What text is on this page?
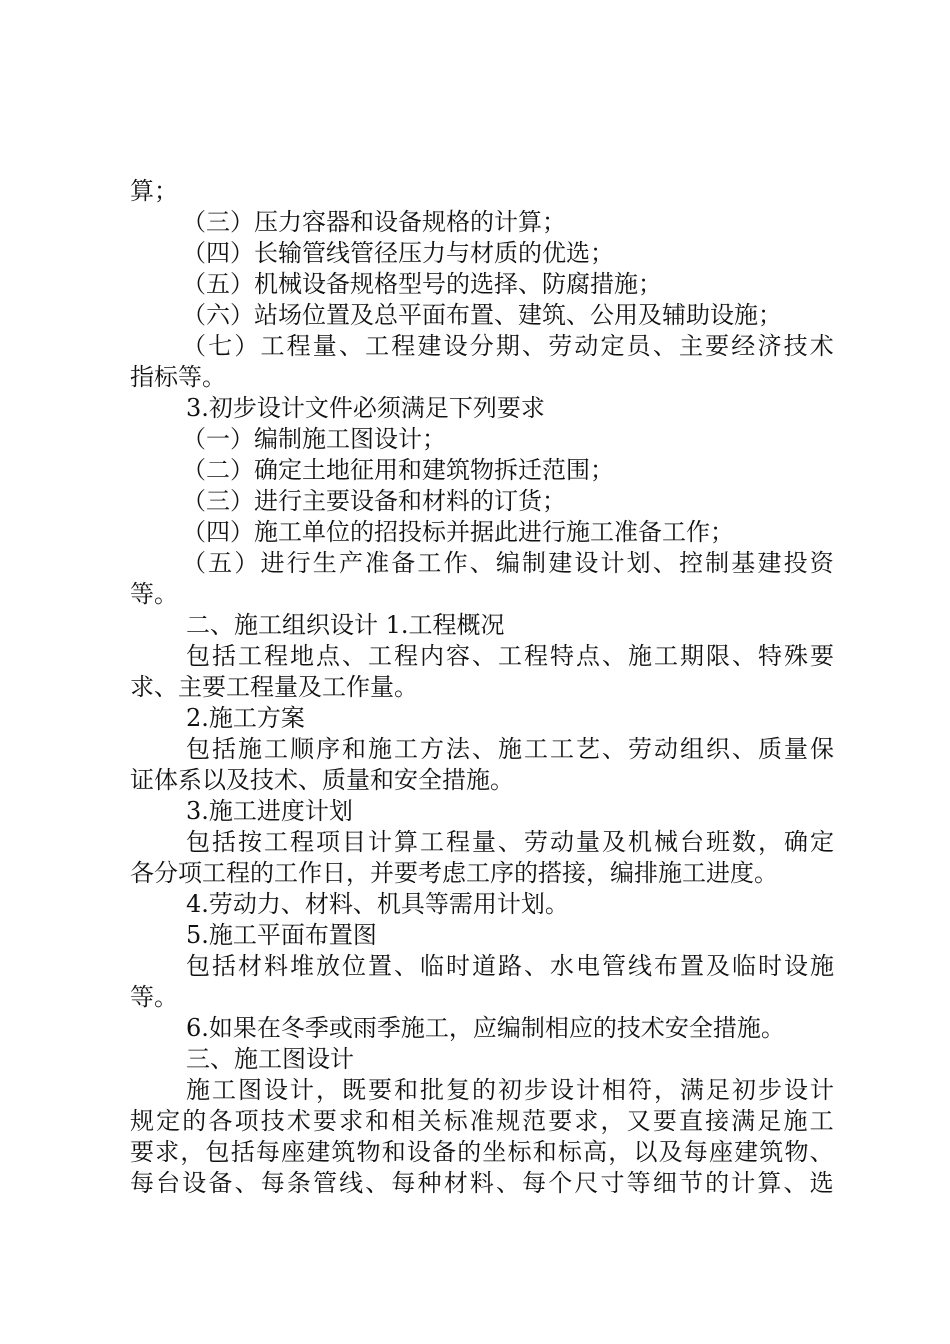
算；
（三）压力容器和设备规格的计算；
（四）长输管线管径压力与材质的优选；
（五）机械设备规格型号的选择、防腐措施；
（六）站场位置及总平面布置、建筑、公用及辅助设施；
（ 七 ） 工 程 量 、 工 程 建 设 分 期 、 劳 动 定 员 、 主 要 经 济 技 术
指标等。
3.初步设计文件必须满足下列要求
（一）编制施工图设计；
（二）确定土地征用和建筑物拆迁范围；
（三）进行主要设备和材料的订货；
（四）施工单位的招投标并据此进行施工准备工作；
（ 五 ） 进 行 生 产 准 备 工 作 、 编 制 建 设 计 划 、 控 制 基 建 投 资
等。
二、施工组织设计 1.工程概况
包 括 工 程 地 点 、 工 程 内 容 、 工 程 特 点 、 施 工 期 限 、 特 殊 要
求、主要工程量及工作量。
2.施工方案
包 括 施 工 顺 序 和 施 工 方 法 、 施 工 工 艺 、 劳 动 组 织 、 质 量 保
证体系以及技术、质量和安全措施。
3.施工进度计划
包 括 按 工 程 项 目 计 算 工 程 量 、 劳 动 量 及 机 械 台 班 数 ， 确 定
各分项工程的工作日，并要考虑工序的搭接，编排施工进度。
4.劳动力、材料、机具等需用计划。
5.施工平面布置图
包 括 材 料 堆 放 位 置 、 临 时 道 路 、 水 电 管 线 布 置 及 临 时 设 施
等。
6.如果在冬季或雨季施工，应编制相应的技术安全措施。
三、施工图设计
施 工 图 设 计 ， 既 要 和 批 复 的 初 步 设 计 相 符 ， 满 足 初 步 设 计
规 定 的 各 项 技 术 要 求 和 相 关 标 准 规 范 要 求 ， 又 要 直 接 满 足 施 工
要 求 ， 包 括 每 座 建 筑 物 和 设 备 的 坐 标 和 标 高 ， 以 及 每 座 建 筑 物 、
每 台 设 备 、 每 条 管 线 、 每 种 材 料 、 每 个 尺 寸 等 细 节 的 计 算 、 选
